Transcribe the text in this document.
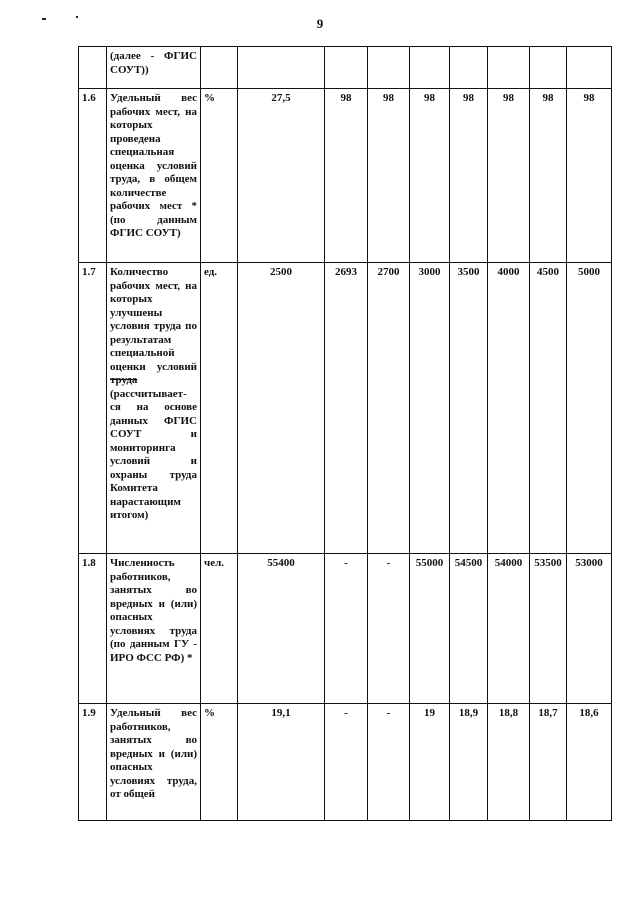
9
	(далее - ФГИС СОУТ))									
1.6	Удельный вес рабочих мест, на которых проведена специальная оценка условий труда, в общем количестве рабочих мест * (по данным ФГИС СОУТ)	%	27,5	98	98	98	98	98	98	98
1.7	Количество рабочих мест, на которых улучшены условия труда по результатам специальной оценки условий труда (рассчитывает-ся на основе данных ФГИС СОУТ и мониторинга условий и охраны труда Комитета нарастающим итогом)	ед.	2500	2693	2700	3000	3500	4000	4500	5000
1.8	Численность работников, занятых во вредных и (или) опасных условиях труда (по данным ГУ - ИРО ФСС РФ) *	чел.	55400	-	-	55000	54500	54000	53500	53000
1.9	Удельный вес работников, занятых во вредных и (или) опасных условиях труда, от общей	%	19,1	-	-	19	18,9	18,8	18,7	18,6
